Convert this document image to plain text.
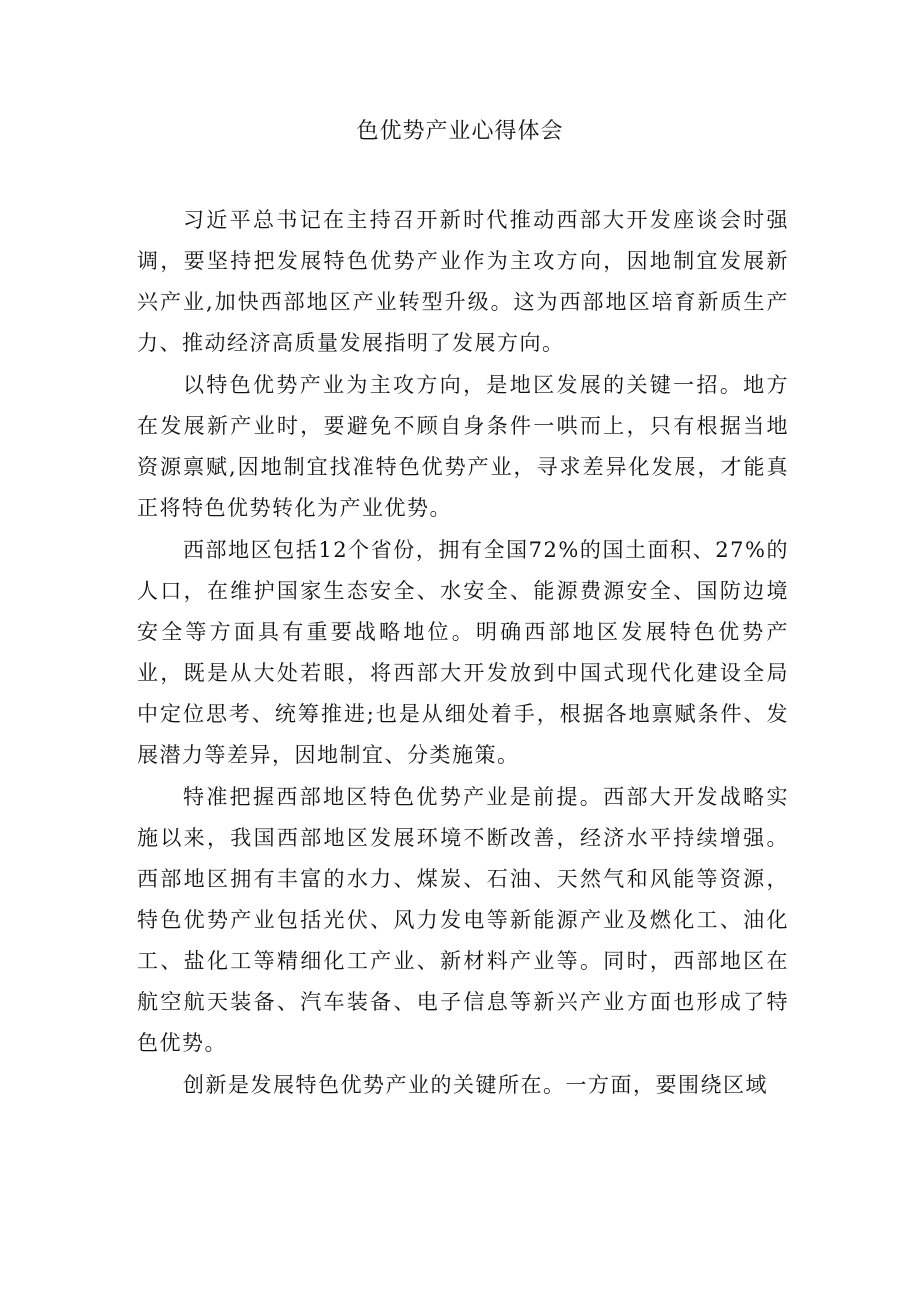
色优势产业心得体会

习近平总书记在主持召开新时代推动西部大开发座谈会时强调，要坚持把发展特色优势产业作为主攻方向，因地制宜发展新兴产业,加快西部地区产业转型升级。这为西部地区培育新质生产力、推动经济高质量发展指明了发展方向。

以特色优势产业为主攻方向，是地区发展的关键一招。地方在发展新产业时，要避免不顾自身条件一哄而上，只有根据当地资源禀赋,因地制宜找准特色优势产业，寻求差异化发展，才能真正将特色优势转化为产业优势。

西部地区包括12个省份，拥有全国72%的国土面积、27%的人口，在维护国家生态安全、水安全、能源费源安全、国防边境安全等方面具有重要战略地位。明确西部地区发展特色优势产业，既是从大处若眼，将西部大开发放到中国式现代化建设全局中定位思考、统筹推进;也是从细处着手，根据各地禀赋条件、发展潜力等差异，因地制宜、分类施策。

特准把握西部地区特色优势产业是前提。西部大开发战略实施以来，我国西部地区发展环境不断改善，经济水平持续增强。西部地区拥有丰富的水力、煤炭、石油、天然气和风能等资源，特色优势产业包括光伏、风力发电等新能源产业及燃化工、油化工、盐化工等精细化工产业、新材料产业等。同时，西部地区在航空航天装备、汽车装备、电子信息等新兴产业方面也形成了特色优势。

创新是发展特色优势产业的关键所在。一方面，要围绕区域
